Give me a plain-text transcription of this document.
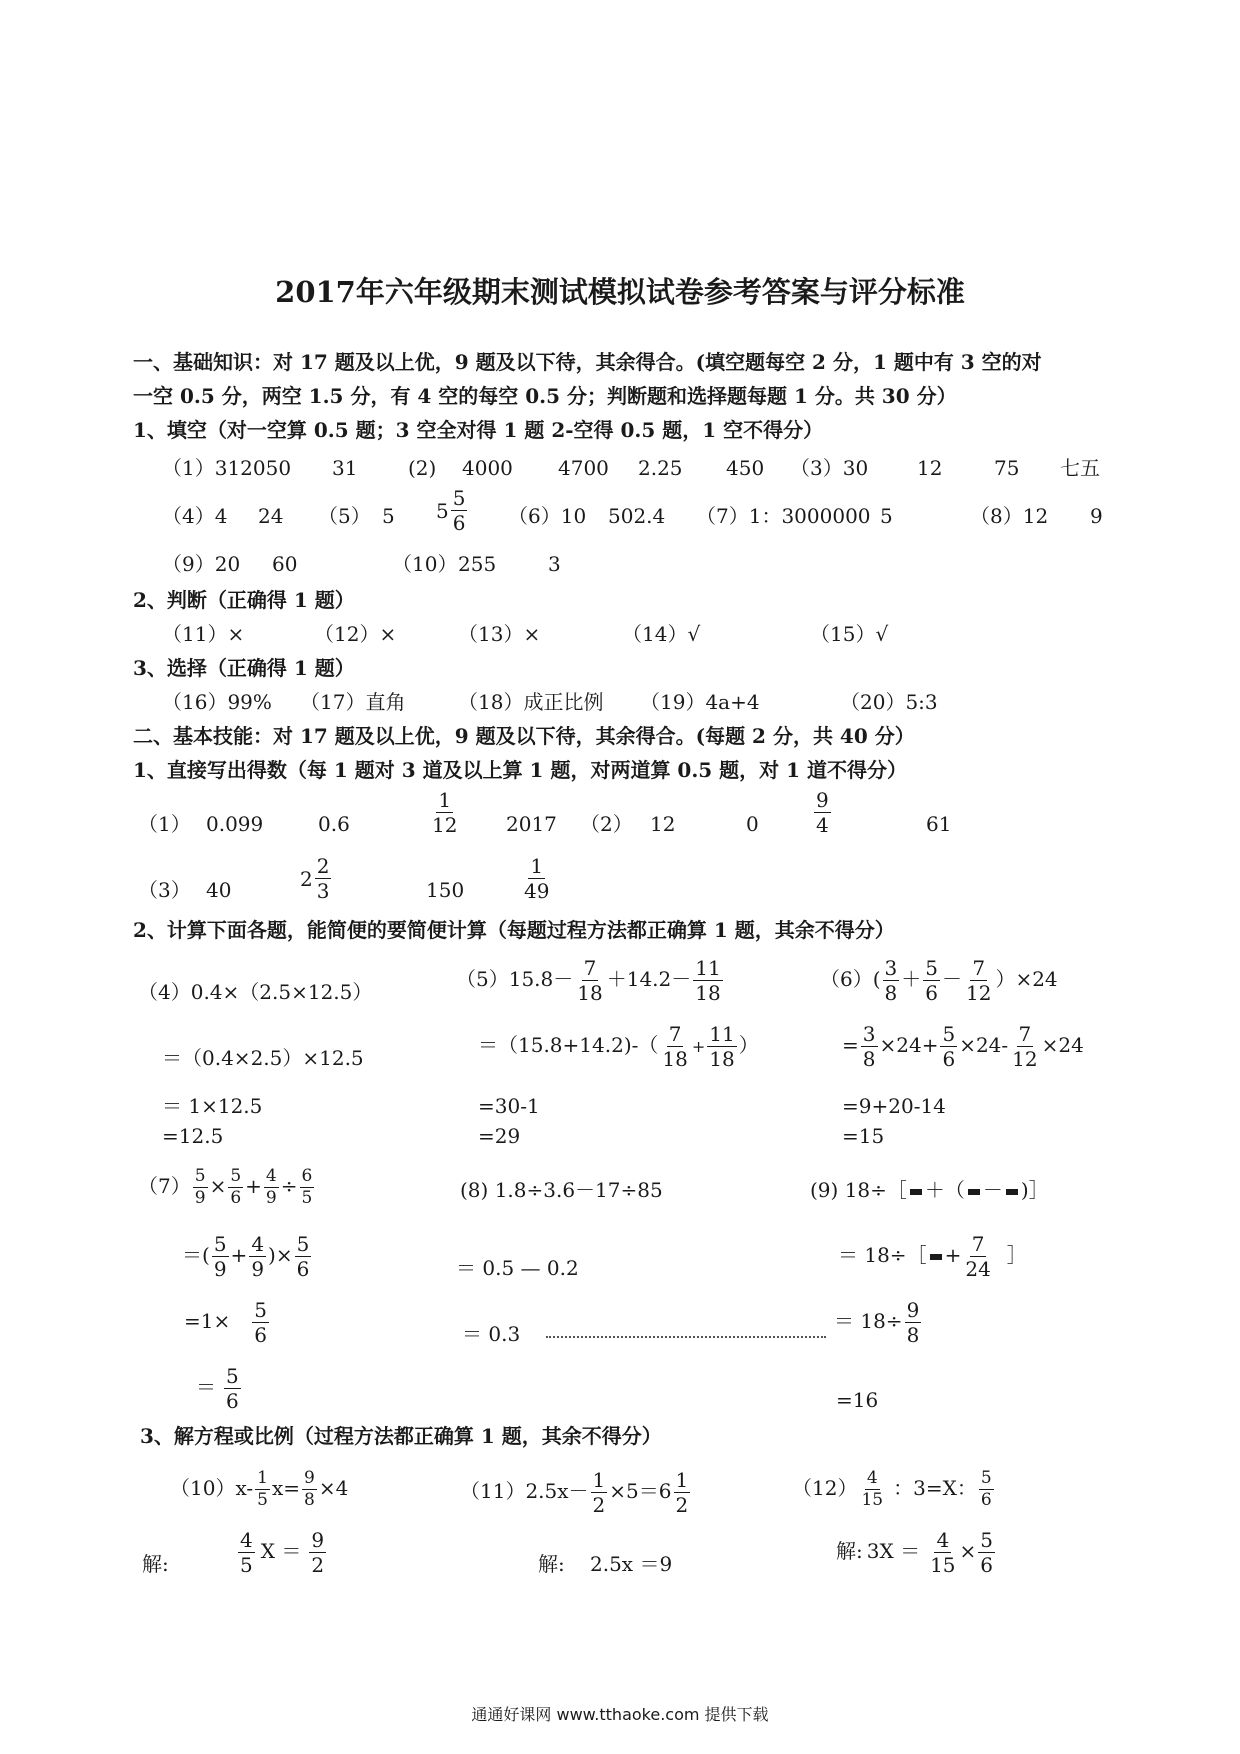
2017年六年级期末测试模拟试卷参考答案与评分标准
一、基础知识：对 17 题及以上优，9 题及以下待，其余得合。(填空题每空 2 分，1 题中有 3 空的对
一空 0.5 分，两空 1.5 分，有 4 空的每空 0.5 分；判断题和选择题每题 1 分。共 30 分）
1、填空（对一空算 0.5 题；3 空全对得 1 题 2-空得 0.5 题，1 空不得分）
（1）312050 31	(2) 4000 4700 2.25 450 （3）30 12	75 七五
（4）4 24 （5） 5 $5 \frac{5}{6} (6)10$ 502.4 （7）1：3000000 5	（8）12 9
（9）20 60	（10） 255	3
2、判断（正确得 1 题）
（11）×	（12）×	（13）×	（14）√	（15）√
3、选择（正确得 1 题）
（16）99% （17）直角	（18）成正比例 （19）4a+4	（20）5:3
二、基本技能：对 17 题及以上优，9 题及以下待，其余得合。(每题 2 分，共 40 分）
1、直接写出得数（每 1 题对 3 道及以上算 1 题，对两道算 0.5 题，对 1 道不得分）
（1） 0.099	0.6	$\frac{1}{12} 2017$ （2） 12	0	$\frac{9}{4}$	61
（3） 40	$2 \frac{2}{3}$	150	$\frac{1}{49}$
2、计算下面各题，能简便的要简便计算（每题过程方法都正确算 1 题，其余不得分）
（4）0.4×（2.5×12.5）
＝（0.4×2.5）×12.5
＝ 1×12.5
=12.5
$(5)15.8- \frac{7}{18} +14.2- \frac{11}{18}$
$=(15.8+14.2)-( \frac{7}{18} + \frac{11}{18}$ ）
=30-1
=29
$(6)( \frac{3}{8} + \frac{5}{6} - \frac{7}{12} )\times 24$
= $\frac{3}{8} \times 24+ \frac{5}{6} \times 24- \frac{7}{12} \times 24$
=9+20-14
=15
$(7) \frac{5}{9} \times \frac{5}{6} + \frac{4}{9} \div \frac{6}{5}$
＝( $\frac{5}{9} + \frac{4}{9}$ )× $\frac{5}{6}$
$=1\times \frac{5}{6}$
＝ $\frac{5}{6}$
(8) 1.8÷3.6－17÷85
＝ 0.5 — 0.2
＝ 0.3
(9) 18÷［ ＋（ － )］
＝ 18÷［ + $\frac{7}{24}$ ］
＝ $18\div \frac{9}{8}$
=16
3、解方程或比例（过程方法都正确算 1 题，其余不得分）
$(10)x- \frac{1}{5} x= \frac{9}{8} \times 4$
解:	$\frac{4}{5}$ $X = \frac{9}{2}$
$(11)2.5x- \frac{1}{2} \times 5=6 \frac{1}{2}$
解: 2.5x ＝9
$(12) \frac{4}{15}$ ：3=X： $\frac{5}{6}$
解: $3X = \frac{4}{15} \times \frac{5}{6}$
通通好课网 www.tthaoke.com 提供下载
